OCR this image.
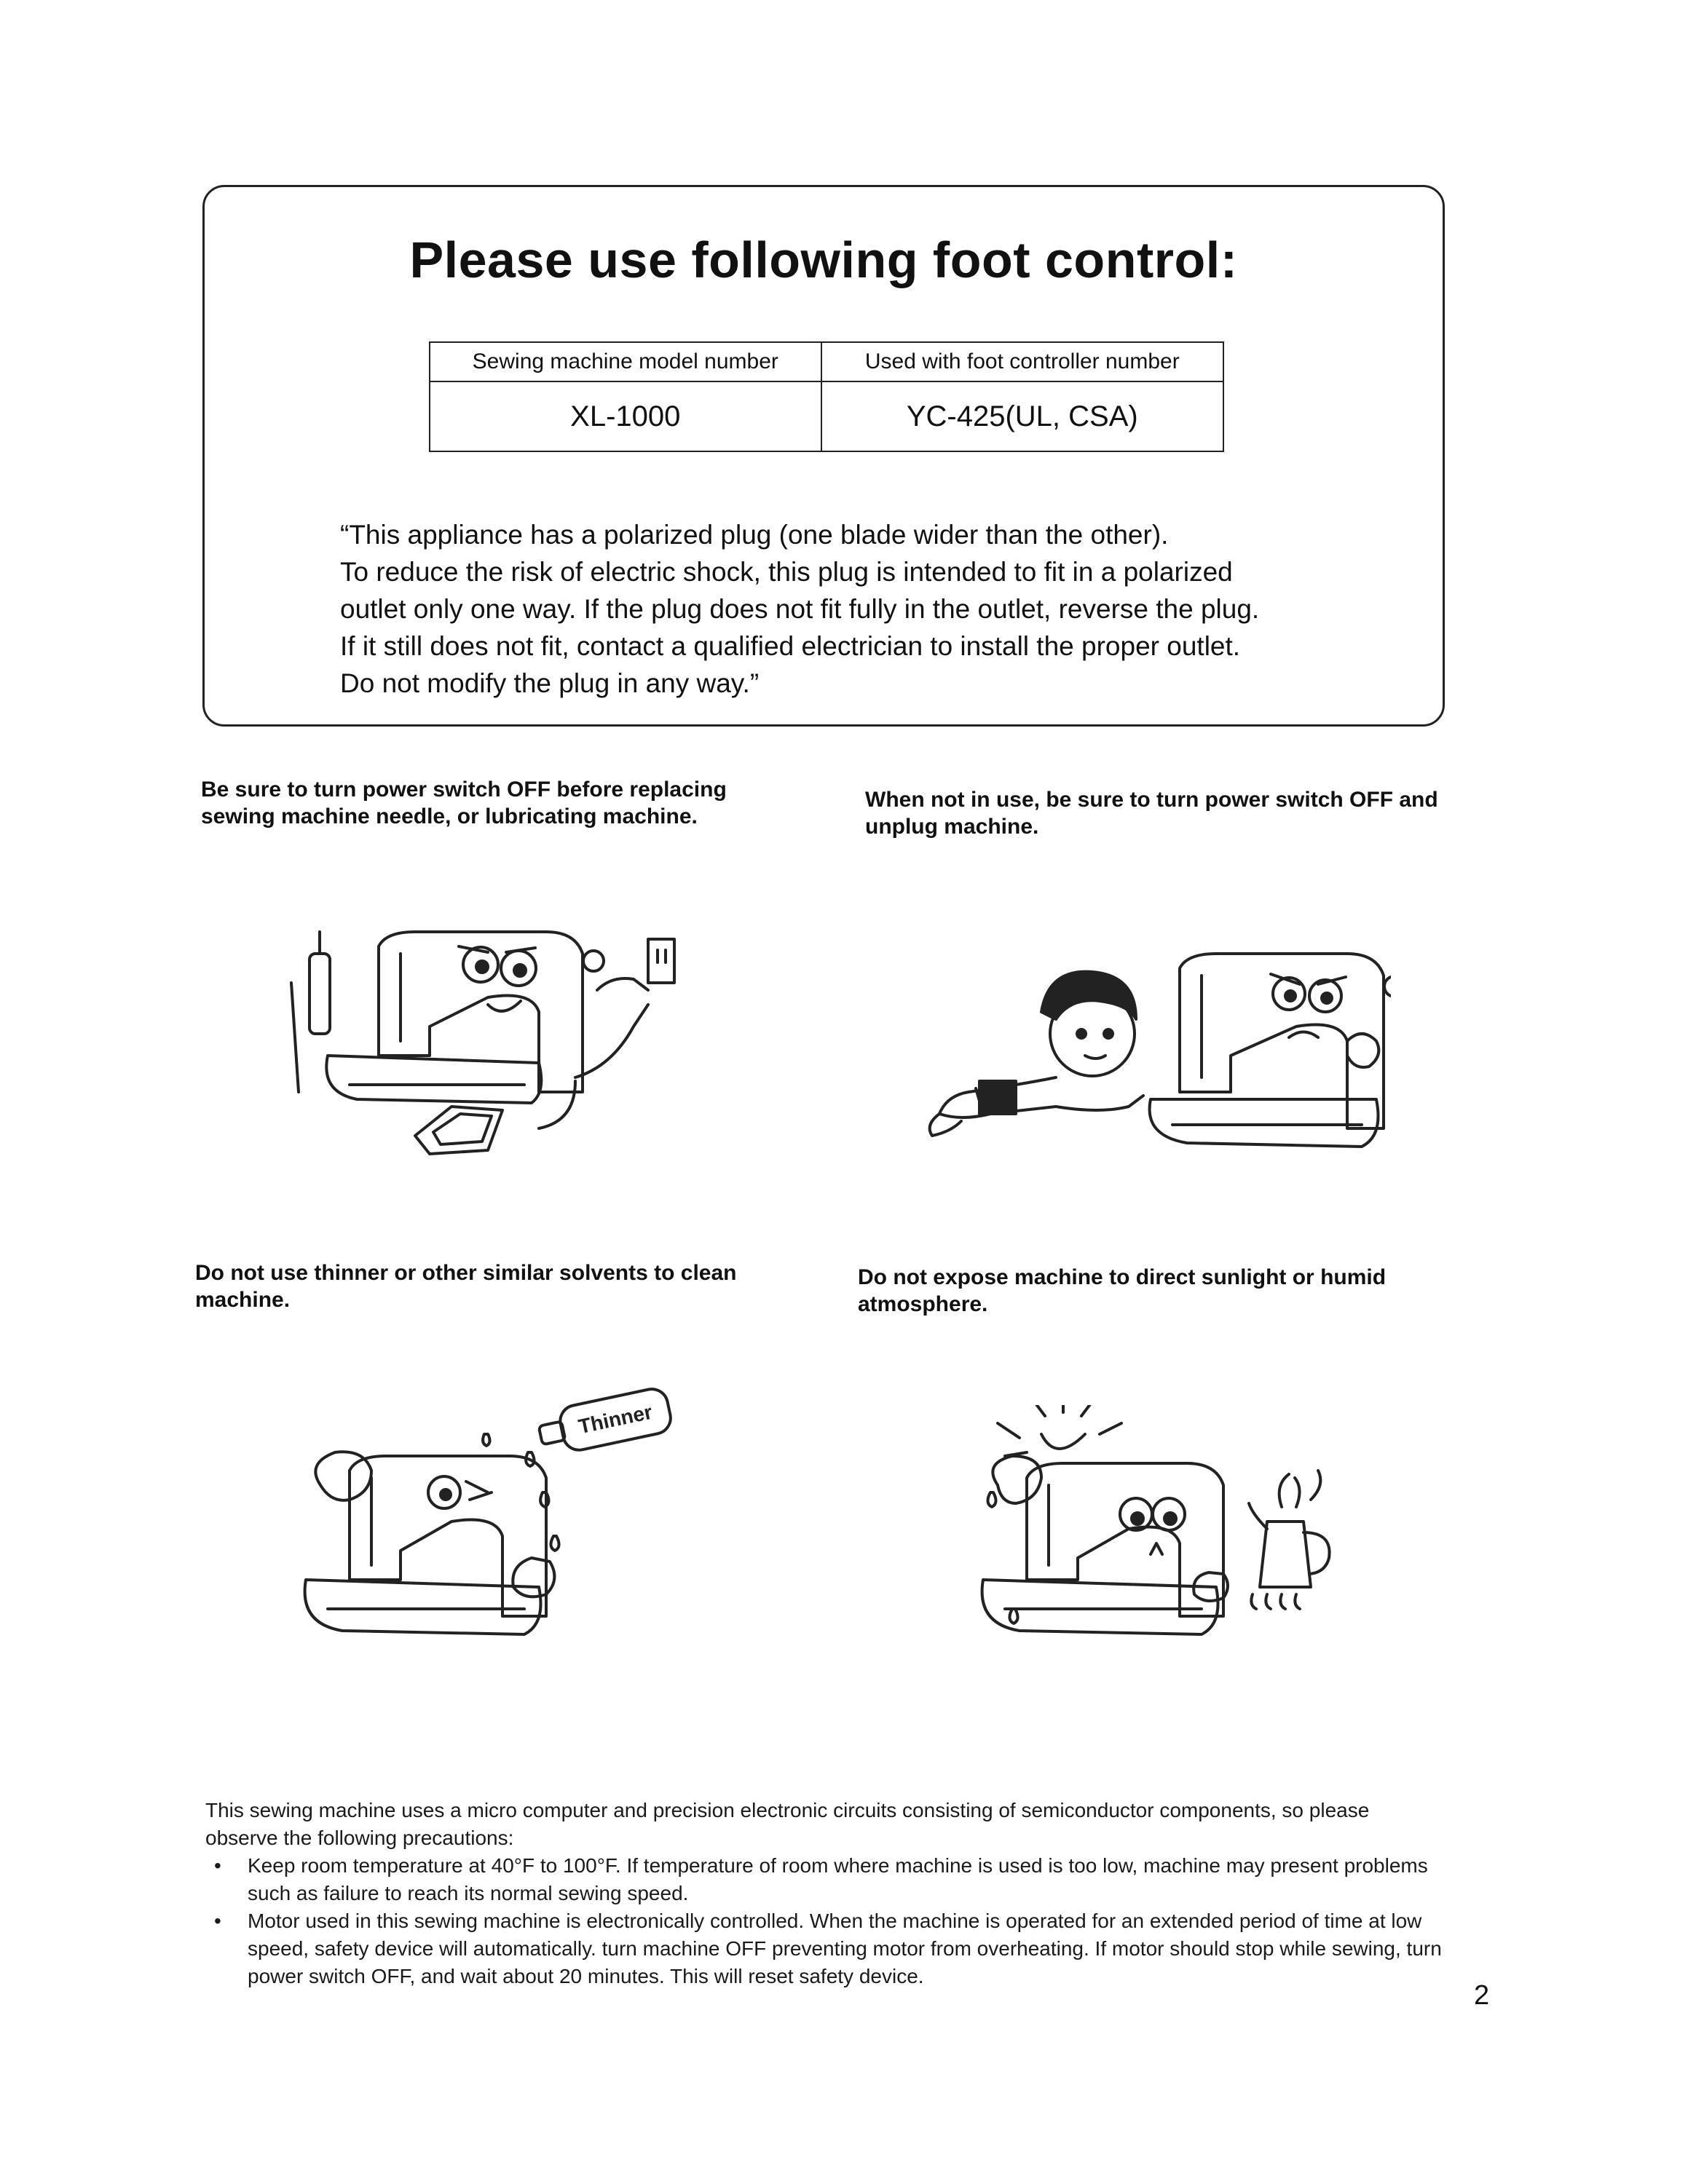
Please use following foot control:
Sewing machine model number	Used with foot controller number
XL-1000	YC-425(UL, CSA)

“This appliance has a polarized plug (one blade wider than the other).

To reduce the risk of electric shock, this plug is intended to fit in a polarized

outlet only one way. If the plug does not fit fully in the outlet, reverse the plug.

If it still does not fit, contact a qualified electrician to install the proper outlet.

Do not modify the plug in any way.”

Be sure to turn power switch OFF before replacing sewing machine needle, or lubricating machine.
When not in use, be sure to turn power switch OFF and unplug machine.
Do not use thinner or other similar solvents to clean machine.
Do not expose machine to direct sunlight or humid atmosphere.
Thinner

This sewing machine uses a micro computer and precision electronic circuits consisting of semiconductor components, so please observe the following precautions:

• Keep room temperature at 40°F to 100°F. If temperature of room where machine is used is too low, machine may present problems such as failure to reach its normal sewing speed.
• Motor used in this sewing machine is electronically controlled. When the machine is operated for an extended period of time at low speed, safety device will automatically. turn machine OFF preventing motor from overheating. If motor should stop while sewing, turn power switch OFF, and wait about 20 minutes. This will reset safety device.
2
